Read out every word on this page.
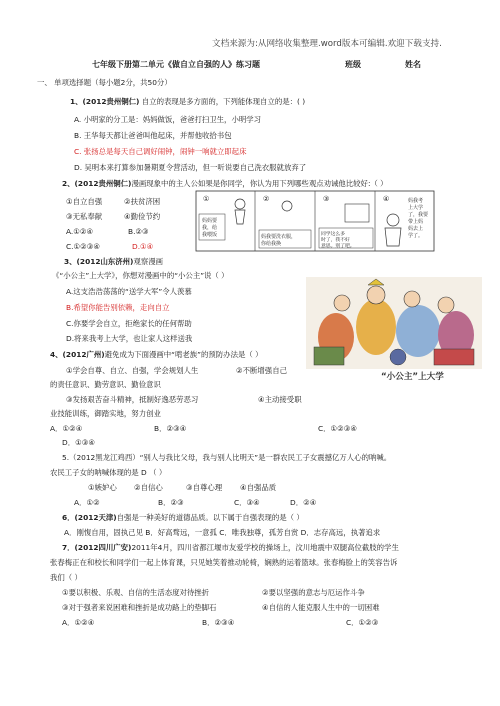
文档来源为:从网络收集整理.word版本可编辑.欢迎下载支持.
七年级下册第二单元《做自立自强的人》练习题	班级	姓名
一、 单项选择题（每小题2分，共50分）
1、(2012贵州铜仁) 自立的表现是多方面的，下列能体现自立的是：( )
A. 小明家的分工是：妈妈做饭，爸爸打扫卫生，小明学习
B. 王华每天都让爸爸叫他起床，并帮他收拾书包
C. 张扬总是每天自己调好闹钟，闹钟一响就立即起床
D. 吴明本来打算参加暑期夏令营活动，但一听说要自己洗衣服就放弃了
2、(2012贵州铜仁)漫画现象中的主人公如果是你同学，你认为用下列哪些观点劝诫他比较好:（ ）
①自立自强	②扶贫济困
③无私奉献	④勤俭节约
A.①②④	B.②③
C.①②③④	D.①④
①	②	③	④
妈妈要
我，给
我喂饭	妈我要洗衣服，
你给我换
同学这么多
时了，我不好
意思。别了吧。
妈我考
上大学
了，我要
带上妈
妈去上
学了。
3、(2012山东济州)观察漫画
《“小公主”上大学》，你想对漫画中的“小公主”说（ ）
A.这支浩浩荡荡的“送学大军”令人羡慕
B.希望你能告别依赖，走向自立
C.你要学会自立，拒绝家长的任何帮助
D.将来我考上大学，也让家人这样送我
“小公主”上大学
4、(2012广州)避免成为下面漫画中“啃老族”的预防办法是（ ）
①学会自尊、自立、自强，学会规划人生	②不断增强自己
的责任意识、勤劳意识、勤俭意识
③发扬艰苦奋斗精神，抵制好逸恶劳恶习	④主动接受职
业技能训练，御踏实地，努力创业
A．①②④	B．②③④	C．①②③④
D．①③④
5.（2012黑龙江鸡西）“别人与我比父母，我与别人比明天”是一群农民工子女震撼亿万人心的呐喊。
农民工子女的呐喊体现的是 D （ ）
①嫉妒心 ②自信心	③自尊心理 ④自强品质
A．①②	B．②③	C．③④	D．②④
6．(2012天津)自强是一种美好的道德品质。以下属于自强表现的是（ ）
A．刚愎自用，固执己见 B．好高骛远，一意孤 C．唯我独尊，孤芳自赏 D．志存高远，执著追求
7．(2012四川广安)2011年4月，四川省都江堰市友爱学校的操场上，汶川地震中双腿高位截肢的学生
张春梅正在和校长和同学们一起上体育课，只见她笑着推动轮椅，娴熟的运着篮球。张春梅脸上的笑容告诉
我们（ ）
①要以积极、乐观、自信的生活态度对待挫折	②要以坚强的意志与厄运作斗争
③对于强者来说困难和挫折是成功路上的垫脚石	④自信的人能克服人生中的一切困难
A．①②④	B．②③④	C．①②③
